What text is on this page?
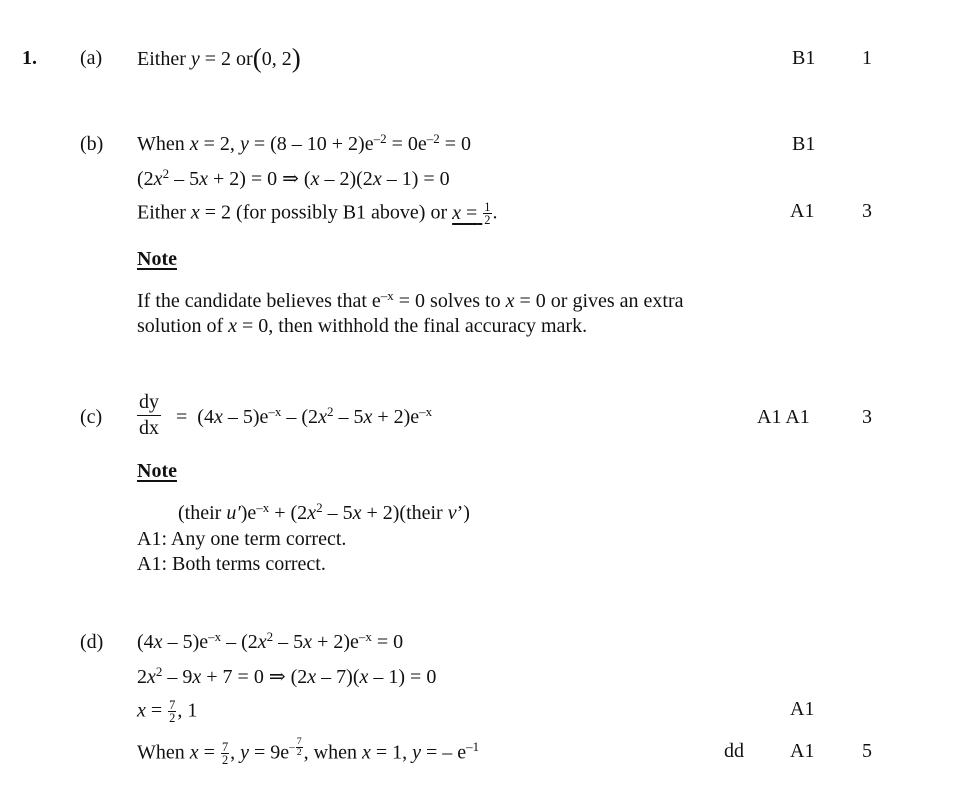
1. (a) Either y = 2 or(0, 2)	B1 1
(b) When x = 2, $y = (8 - 10 + 2)e^{-2} = 0e^{-2} = 0$	B1
$(2x^2 - 5x + 2) = 0$ ⇒ (x – 2)(2x – 1) = 0
Either x = 2 (for possibly B1 above) or $x = \frac{1}{2}$ .	A1 3
Note
If the candidate believes that $e^{-x} = 0$ solves to x = 0 or gives an extra
solution of x = 0, then withhold the final accuracy mark.
$(c) \frac{dy}{dx} = (4x - 5)e^{-x} - (2x^2 - 5x + 2)e^{-x}$	A1 A1	3
Note
(their $u')e^{-x} + (2x^2 - 5x$ + 2)(their v’)
A1: Any one term correct.
A1: Both terms correct.
(d) $(4x - 5)e^{-x} - (2x^2 - 5x + 2)e^{-x} = 0$
$2x^2 - 9x + 7 = 0$ ⇒ (2x – 7)(x – 1) = 0
$x = \frac{7}{2}$ , 1	A1
When $x = \frac{7}{2}$ , $y = 9e^{- \frac{7}{2}}$ , when x = 1, y = – $e^{-1}$	dd A1 5
